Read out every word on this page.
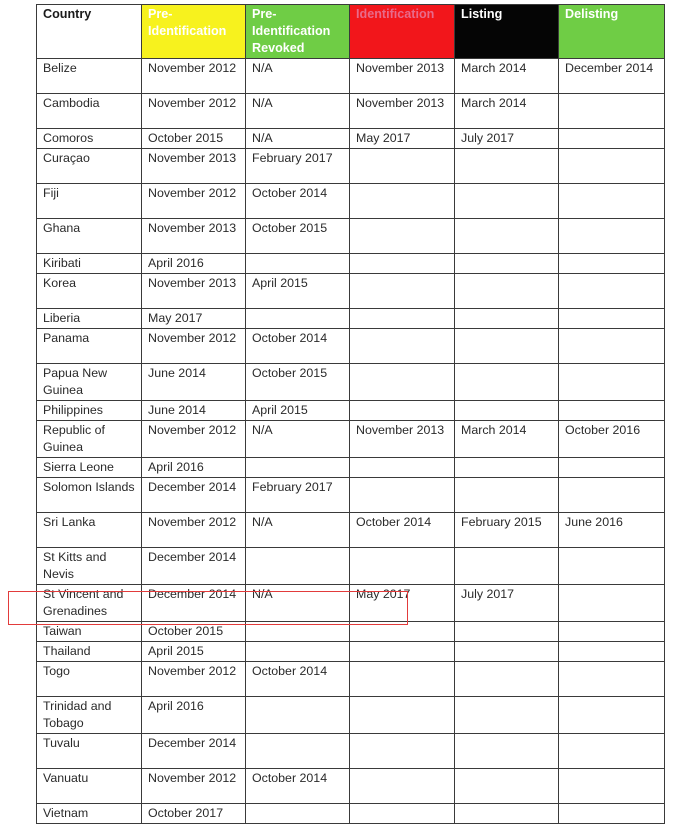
Country	Pre-Identification	Pre-Identification Revoked	Identification	Listing	Delisting
Belize	November 2012	N/A	November 2013	March 2014	December 2014
Cambodia	November 2012	N/A	November 2013	March 2014	
Comoros	October 2015	N/A	May 2017	July 2017	
Curaçao	November 2013	February 2017			
Fiji	November 2012	October 2014			
Ghana	November 2013	October 2015			
Kiribati	April 2016				
Korea	November 2013	April 2015			
Liberia	May 2017				
Panama	November 2012	October 2014			
Papua New Guinea	June 2014	October 2015			
Philippines	June 2014	April 2015			
Republic of Guinea	November 2012	N/A	November 2013	March 2014	October 2016
Sierra Leone	April 2016				
Solomon Islands	December 2014	February 2017			
Sri Lanka	November 2012	N/A	October 2014	February 2015	June 2016
St Kitts and Nevis	December 2014				
St Vincent and Grenadines	December 2014	N/A	May 2017	July 2017	
Taiwan	October 2015				
Thailand	April 2015				
Togo	November 2012	October 2014			
Trinidad and Tobago	April 2016				
Tuvalu	December 2014				
Vanuatu	November 2012	October 2014			
Vietnam	October 2017				
